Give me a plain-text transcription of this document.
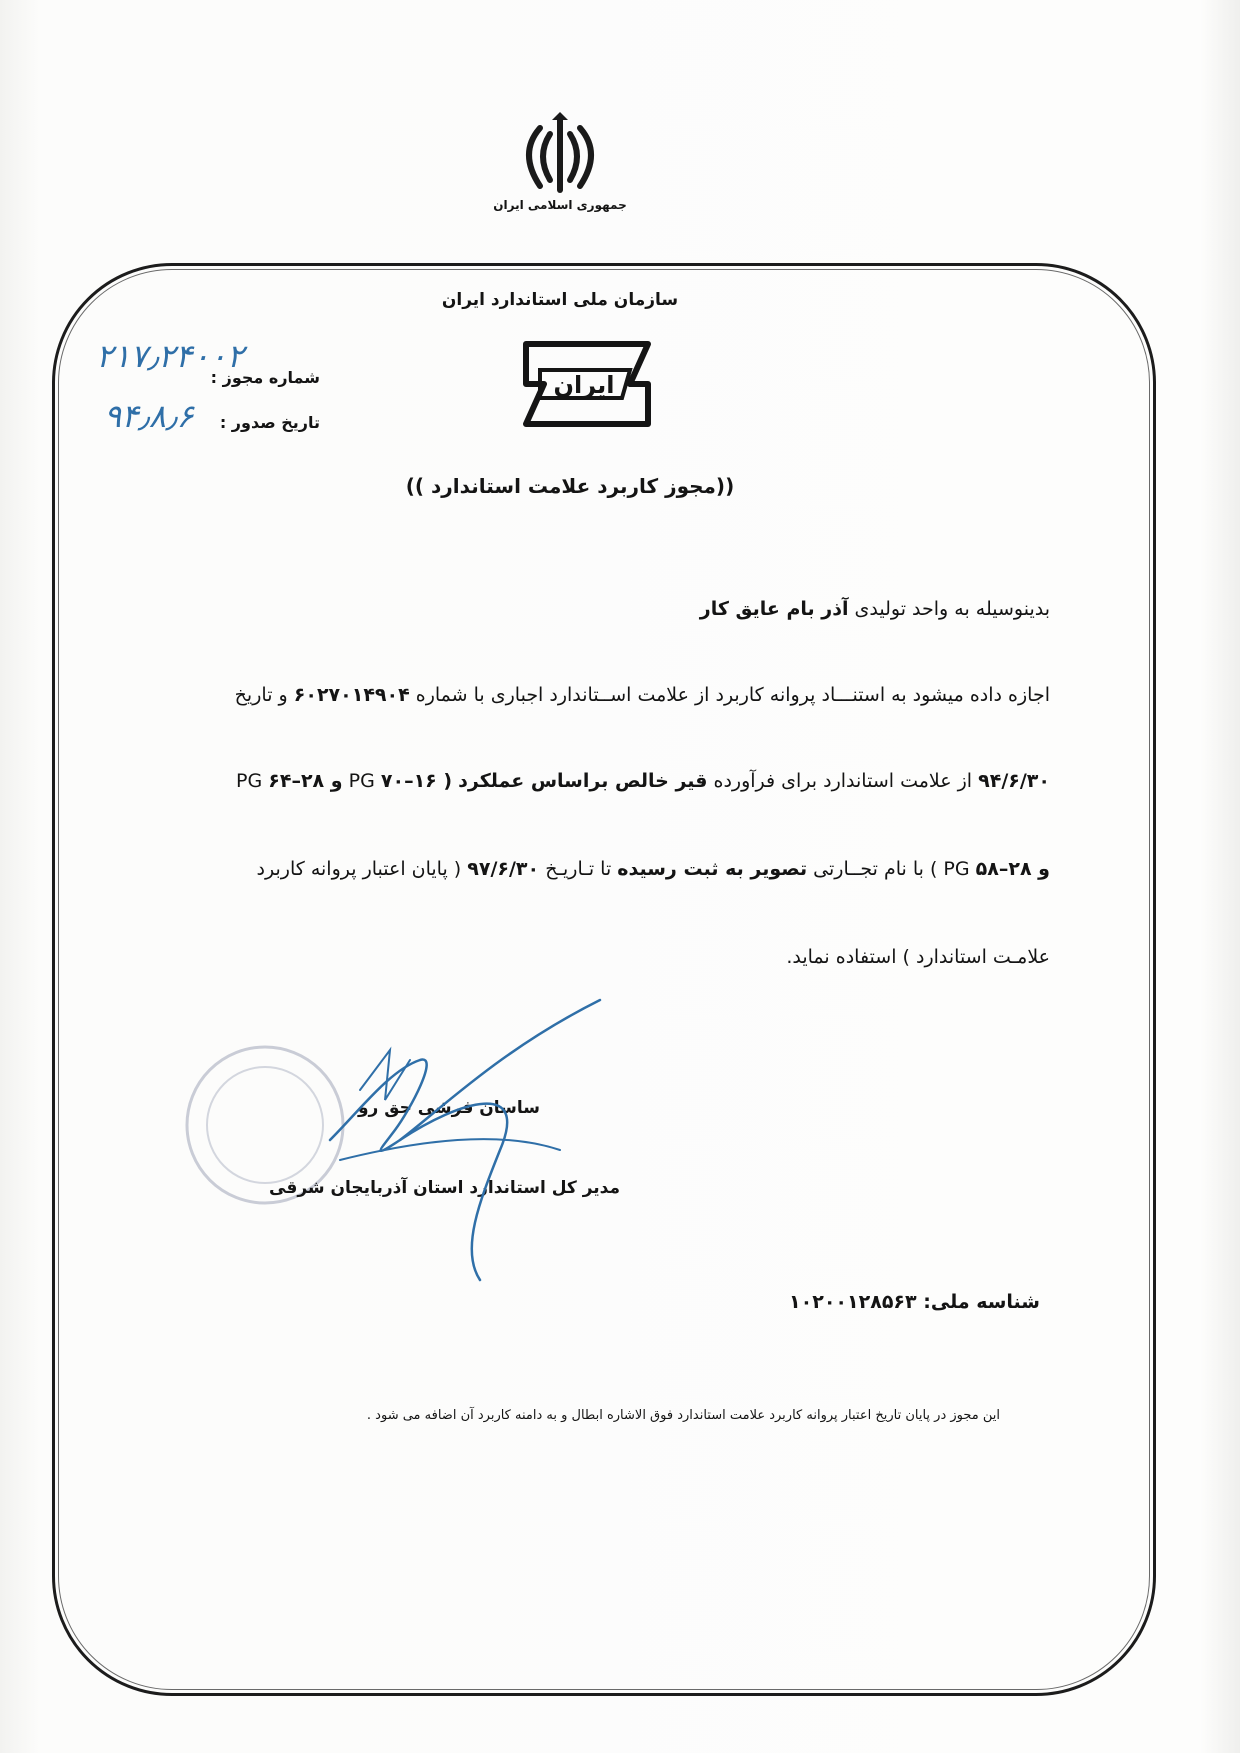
جمهوری اسلامی ایران
سازمان ملی استاندارد ایران
ایران
شماره مجوز :
تاریخ صدور :
۲۱۷٫۲۴۰۰۲
۹۴٫۸٫۶
((مجوز کاربرد علامت استاندارد ))
بدینوسیله به واحد تولیدی آذر بام عایق کار
اجازه داده میشود به استنـــاد پروانه کاربرد از علامت اســتاندارد اجباری با شماره ۶۰۲۷۰۱۴۹۰۴ و تاریخ
۹۴/۶/۳۰ از علامت استاندارد برای فرآورده قیر خالص براساس عملکرد ( ۱۶–۷۰ PG و ۲۸–۶۴ PG
و ۲۸–۵۸ PG ) با نام تجــارتی تصویر به ثبت رسیده تا تـاریـخ ۹۷/۶/۳۰ ( پایان اعتبار پروانه کاربرد
علامـت استاندارد ) استفاده نماید.
ساسان فرشی حق رو
مدیر کل استاندارد استان آذربایجان شرقی
شناسه ملی: ۱۰۲۰۰۱۲۸۵۶۳
این مجوز در پایان تاریخ اعتبار پروانه کاربرد علامت استاندارد فوق الاشاره ابطال و به دامنه کاربرد آن اضافه می شود .
